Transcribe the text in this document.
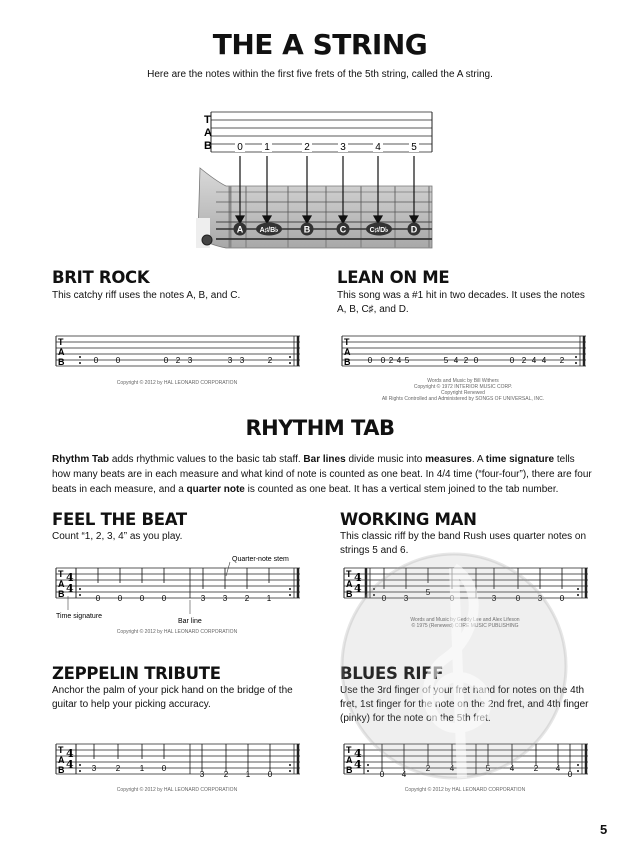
THE A STRING
Here are the notes within the first five frets of the 5th string, called the A string.
T
A
B	0 1	2	3	4	5
A A♯/B♭	B	C	C♯/D♭ D
BRIT ROCK
This catchy riff uses the notes A, B, and C.
T
A
B	0 0	0 2 3	3 3	2
Copyright © 2012 by HAL LEONARD CORPORATION
LEAN ON ME
This song was a #1 hit in two decades. It uses the notes A, B, C♯, and D.
T
A
B 0 0 2 4 5	5 4 2 0	0 2 4 4 2
Words and Music by Bill Withers
Copyright © 1972 INTERIOR MUSIC CORP.
Copyright Renewed
All Rights Controlled and Administered by SONGS OF UNIVERSAL, INC.
RHYTHM TAB
Rhythm Tab adds rhythmic values to the basic tab staff. Bar lines divide music into measures. A time signature tells how many beats are in each measure and what kind of note is counted as one beat. In 4/4 time (“four-four”), there are four beats in each measure, and a quarter note is counted as one beat. It has a vertical stem joined to the tab number.
FEEL THE BEAT
Count “1, 2, 3, 4” as you play.
T
A
B
4
4
0 0 0 0	3 3 2 1
Quarter-note stem
Time signature
Bar line
Copyright © 2012 by HAL LEONARD CORPORATION
WORKING MAN
This classic riff by the band Rush uses quarter notes on strings 5 and 6.
T
A
B
4
4
0 3
5
0	3 0 3 0
Words and Music by Geddy Lee and Alex Lifeson
© 1975 (Renewed) CORE MUSIC PUBLISHING
ZEPPELIN TRIBUTE
Anchor the palm of your pick hand on the bridge of the guitar to help your picking accuracy.
T
A
B
4
4 3 2 1 0
3 2 1 0
Copyright © 2012 by HAL LEONARD CORPORATION
BLUES RIFF
Use the 3rd finger of your fret hand for notes on the 4th fret, 1st finger for the note on the 2nd fret, and 4th finger (pinky) for the note on the 5th fret.
T
A
B
4
4
0 4
2 4	5 4 2 4
0
Copyright © 2012 by HAL LEONARD CORPORATION
5
